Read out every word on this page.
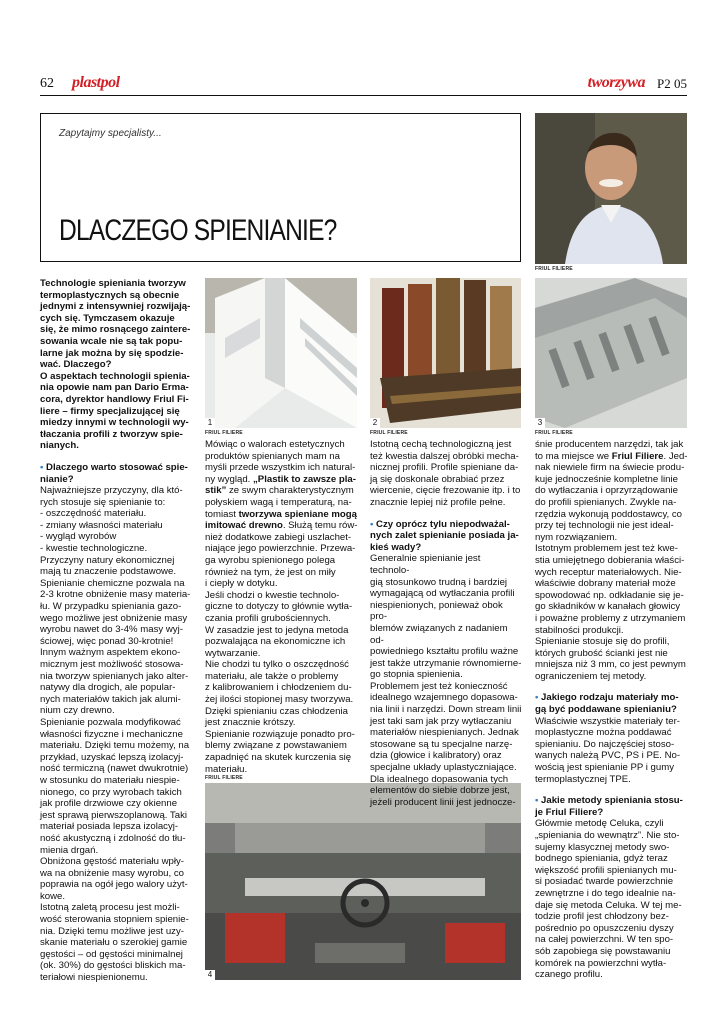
62 plastpol	tworzywa P2 05
Zapytajmy specjalisty...
DLACZEGO SPIENIANIE?
FRIUL FILIERE
1
FRIUL FILIERE
2
FRIUL FILIERE
3
FRIUL FILIERE
FRIUL FILIERE
4
Technologie spieniania tworzyw
termoplastycznych są obecnie
jednymi z intensywniej rozwijają-
cych się. Tymczasem okazuje
się, że mimo rosnącego zaintere-
sowania wcale nie są tak popu-
larne jak można by się spodzie-
wać. Dlaczego?
O aspektach technologii spienia-
nia opowie nam pan Dario Erma-
cora, dyrektor handlowy Friul Fi-
liere – firmy specjalizującej się
miedzy innymi w technologii wy-
tłaczania profili z tworzyw spie-
nianych.

• Dlaczego warto stosować spie-
nianie?

Najważniejsze przyczyny, dla któ-
rych stosuje się spienianie to:
- oszczędność materiału.
- zmiany własności materiału
- wygląd wyrobów
- kwestie technologiczne.
Przyczyny natury ekonomicznej
mają tu znaczenie podstawowe.
Spienianie chemiczne pozwala na
2-3 krotne obniżenie masy materia-
łu. W przypadku spieniania gazo-
wego możliwe jest obniżenie masy
wyrobu nawet do 3-4% masy wyj-
ściowej, więc ponad 30-krotnie!
Innym ważnym aspektem ekono-
micznym jest możliwość stosowa-
nia tworzyw spienianych jako alter-
natywy dla drogich, ale popular-
nych materiałów takich jak alumi-
nium czy drewno.
Spienianie pozwala modyfikować
własności fizyczne i mechaniczne
materiału. Dzięki temu możemy, na
przykład, uzyskać lepszą izolacyj-
ność termiczną (nawet dwukrotnie)
w stosunku do materiału niespie-
nionego, co przy wyrobach takich
jak profile drzwiowe czy okienne
jest sprawą pierwszoplanową. Taki
materiał posiada lepsza izolacyj-
ność akustyczną i zdolność do tłu-
mienia drgań.
Obniżona gęstość materiału wpły-
wa na obniżenie masy wyrobu, co
poprawia na ogół jego walory użyt-
kowe.
Istotną zaletą procesu jest możli-
wość sterowania stopniem spienie-
nia. Dzięki temu możliwe jest uzy-
skanie materiału o szerokiej gamie
gęstości – od gęstości minimalnej
(ok. 30%) do gęstości bliskich ma-
teriałowi niespienionemu.
Mówiąc o walorach estetycznych
produktów spienianych mam na
myśli przede wszystkim ich natural-
ny wygląd. „Plastik to zawsze pla-stik” ze swym charakterystycznym
połyskiem wagą i temperaturą, na-
tomiast tworzywa spieniane mogą imitować drewno. Służą temu rów-
nież dodatkowe zabiegi uszlachet-
niające jego powierzchnie. Przewa-
ga wyrobu spienionego polega
również na tym, że jest on miły
i ciepły w dotyku.
Jeśli chodzi o kwestie technolo-
giczne to dotyczy to głównie wytła-
czania profili grubościennych.
W zasadzie jest to jedyna metoda
pozwalająca na ekonomiczne ich
wytwarzanie.
Nie chodzi tu tylko o oszczędność
materiału, ale także o problemy
z kalibrowaniem i chłodzeniem du-
żej ilości stopionej masy tworzywa.
Dzięki spienianiu czas chłodzenia
jest znacznie krótszy.
Spienianie rozwiązuje ponadto pro-
blemy związane z powstawaniem
zapadnięć na skutek kurczenia się
materiału.
Istotną cechą technologiczną jest
też kwestia dalszej obróbki mecha-
nicznej profili. Profile spieniane da-
ją się doskonale obrabiać przez
wiercenie, cięcie frezowanie itp. i to
znacznie lepiej niż profile pełne.

• Czy oprócz tylu niepodważal-
nych zalet spienianie posiada ja-
kieś wady?

Generalnie spienianie jest technolo-
gią stosunkowo trudną i bardziej
wymagającą od wytłaczania profili
niespienionych, ponieważ obok pro-
blemów związanych z nadaniem od-
powiedniego kształtu profilu ważne
jest także utrzymanie równomierne-
go stopnia spienienia.
Problemem jest też konieczność
idealnego wzajemnego dopasowa-
nia linii i narzędzi. Down stream linii
jest taki sam jak przy wytłaczaniu
materiałów niespienianych. Jednak
stosowane są tu specjalne narzę-
dzia (głowice i kalibratory) oraz
specjalne układy uplastyczniające.
Dla idealnego dopasowania tych
elementów do siebie dobrze jest,
jeżeli producent linii jest jednocze-
śnie producentem narzędzi, tak jak
to ma miejsce we Friul Filiere. Jed-
nak niewiele firm na świecie produ-
kuje jednocześnie kompletne linie
do wytłaczania i oprzyrządowanie
do profili spienianych. Zwykle na-
rzędzia wykonują poddostawcy, co
przy tej technologii nie jest ideal-
nym rozwiązaniem.
Istotnym problemem jest też kwe-
stia umiejętnego dobierania właści-
wych receptur materiałowych. Nie-
właściwie dobrany materiał może
spowodować np. odkładanie się je-
go składników w kanałach głowicy
i poważne problemy z utrzymaniem
stabilności produkcji.
Spienianie stosuje się do profili,
których grubość ścianki jest nie
mniejsza niż 3 mm, co jest pewnym
ograniczeniem tej metody.

• Jakiego rodzaju materiały mo-
gą być poddawane spienianiu?

Właściwie wszystkie materiały ter-
moplastyczne można poddawać
spienianiu. Do najczęściej stoso-
wanych należą PVC, PS i PE. No-
wością jest spienianie PP i gumy
termoplastycznej TPE.

• Jakie metody spieniania stosu-
je Friul Filiere?

Główmie metodę Celuka, czyli
„spieniania do wewnątrz”. Nie sto-
sujemy klasycznej metody swo-
bodnego spieniania, gdyż teraz
większość profili spienianych mu-
si posiadać twarde powierzchnie
zewnętrzne i do tego idealnie na-
daje się metoda Celuka. W tej me-
todzie profil jest chłodzony bez-
pośrednio po opuszczeniu dyszy
na całej powierzchni. W ten spo-
sób zapobiega się powstawaniu
komórek na powierzchni wytła-
czanego profilu.
